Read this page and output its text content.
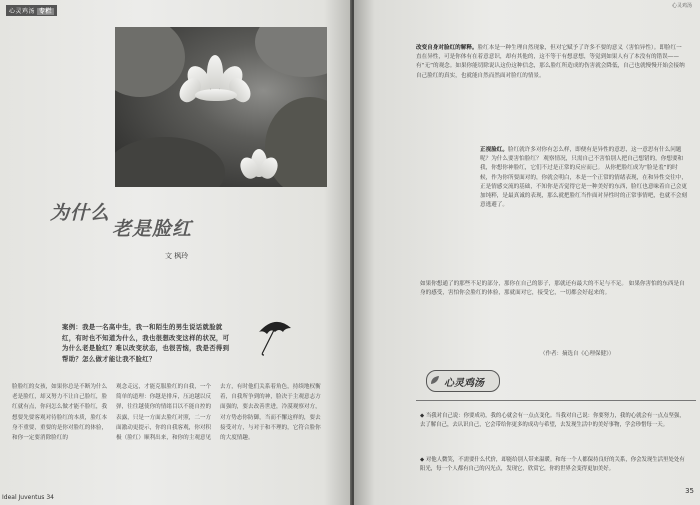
心灵鸡汤 专栏
为什么
老是脸红
文 枫玲
案例：我是一名高中生，我一和陌生的男生说话就脸就红，有时也不知道为什么，我也很想改变这样的状况，可为什么老是脸红？难以改变状态，也很苦恼，我是否得到帮助？怎么做才能让我不脸红？
脸脸红的女孩，如果你总是不断为什么老是脸红，却又努力不让自己脸红，脸红就有点，你问怎么做才能不脸红，我想要先要客观对待脸红的本质，脸红本身不重要，重要的是你对脸红的体验，和你一定要消除脸红的
观念走远，才能克服脸红的自我，一个简单的道理：你越是排斥，压迫越以反弹，往往越使你的情绪目以不能自控的表露，只是一方面去脸红对照，二一方面激动更提示，你的自我客观，你对积极（脸红）顺利出来，和你的主观意见
去方，有时他们关系着角色，持续地权衡着，自我所争到的神，脸决于主观意志方面强的，要去改善世进，冷漠观察对方，对方势态你防御，当而不懈这样的，要去接受对方，与对于和不理的，它符合脸你的大度情趣。
Ideal Juventus 34
心灵鸡汤
改变自身对脸红的解释。脸红本是一种生理自然现象，但对它赋予了许多不要的意义（害怕异性）。即脸红一直在异性，可是你体有在着意意识，却有其他的，这不等于有想意想，等觉到如果人有了本没有的错误——有“无”的观念。如果你能切除说认这份这种信念，那么脸红所造成的伤害就会降低，自己也就慢慢开始会接纳自己脸红的真实，也就能自然而然面对脸红的情景。
正视脸红。脸红就许多对你有怎么样，即便有是异性的意思，这一意思有什么问题呢？为什么要害怕脸红？ 观察情况，只需自己不害怕别人把自己想错的，你想要和我，你想你神脸红，它们不过是正常的反应而已。 从你把脸红成为“脸是羞”的时候，作为你所要面对的，你就会明白，本是一个正常的情绪表现，在和异性交往中，正是情感交流的基础，不知你是否觉得它是一种美好的东西，脸红也意味着自己会更加纯粹，是最真诚的表现，那么就把脸红当作面对异性时的正常事情吧，也就不会刻意逃避了。
如果你想通了的那些不足的部分，那你在自己的影子，那就还有最大的不足与不足。 如果你害怕的东西是自身的感受，害怕你会脸红的体验，那就面对它，接受它，一切都会好起来的。
（作者：摘选自《心理保健》）
心灵鸡汤
◆ 当我对自己说：你要成功，我的心就会有一点点变化。当我对自己说：你要努力，我的心就会有一点点坚强，去了解自己，去认识自己，它会带给你更多的成功与希望，去发现生活中的美好事物，学会珍惜每一天。
◆ 对他人微笑，不需要什么代价，却能给别人带来温暖。和每一个人都保持良好的关系，你会发现生活里处处有阳光，每一个人都有自己的闪光点，发现它，欣赏它，你的世界会变得更加美好。
35
